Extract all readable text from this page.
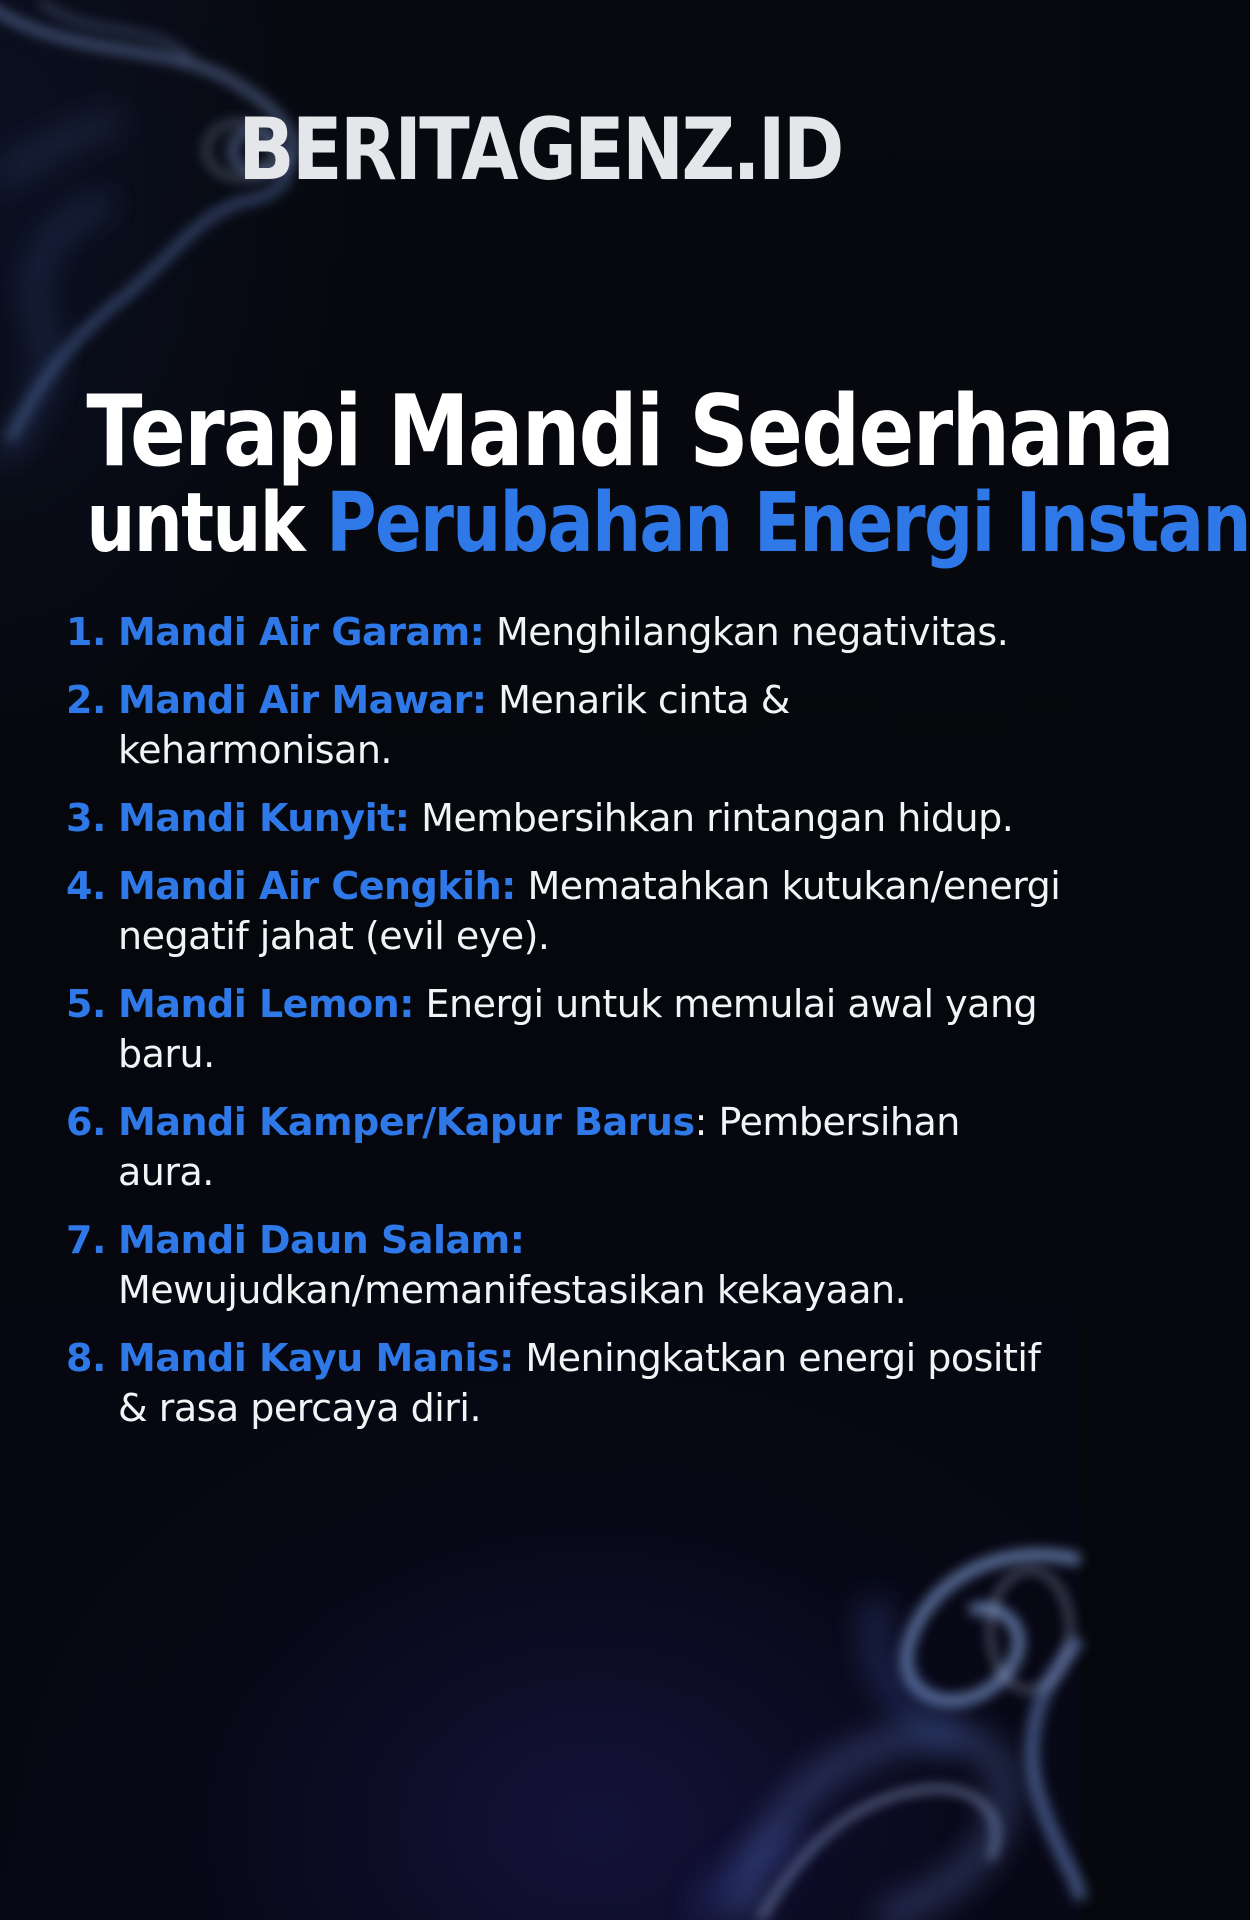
BERITAGENZ.ID
Terapi Mandi Sederhana
untuk Perubahan Energi Instan
1. Mandi Air Garam: Menghilangkan negativitas.
2. Mandi Air Mawar: Menarik cinta & keharmonisan.
3. Mandi Kunyit: Membersihkan rintangan hidup.
4. Mandi Air Cengkih: Mematahkan kutukan/energi negatif jahat (evil eye).
5. Mandi Lemon: Energi untuk memulai awal yang baru.
6. Mandi Kamper/Kapur Barus: Pembersihan aura.
7. Mandi Daun Salam: Mewujudkan/memanifestasikan kekayaan.
8. Mandi Kayu Manis: Meningkatkan energi positif & rasa percaya diri.
